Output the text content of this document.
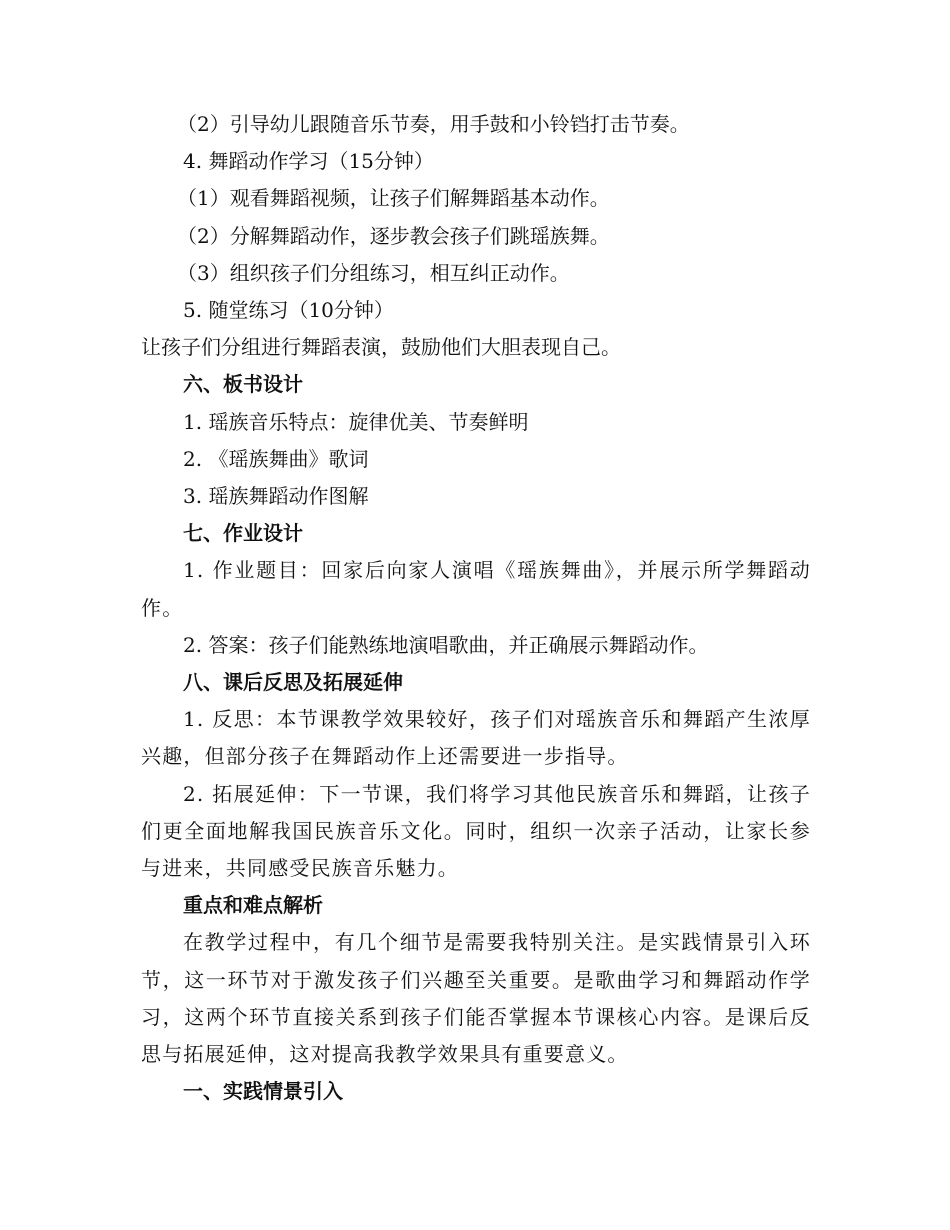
（2）引导幼儿跟随音乐节奏，用手鼓和小铃铛打击节奏。

4. 舞蹈动作学习（15分钟）

（1）观看舞蹈视频，让孩子们解舞蹈基本动作。

（2）分解舞蹈动作，逐步教会孩子们跳瑶族舞。

（3）组织孩子们分组练习，相互纠正动作。

5. 随堂练习（10分钟）

让孩子们分组进行舞蹈表演，鼓励他们大胆表现自己。

六、板书设计

1. 瑶族音乐特点：旋律优美、节奏鲜明

2. 《瑶族舞曲》歌词

3. 瑶族舞蹈动作图解

七、作业设计

1. 作业题目：回家后向家人演唱《瑶族舞曲》，并展示所学舞蹈动作。

2. 答案：孩子们能熟练地演唱歌曲，并正确展示舞蹈动作。

八、课后反思及拓展延伸

1. 反思：本节课教学效果较好，孩子们对瑶族音乐和舞蹈产生浓厚兴趣，但部分孩子在舞蹈动作上还需要进一步指导。

2. 拓展延伸：下一节课，我们将学习其他民族音乐和舞蹈，让孩子们更全面地解我国民族音乐文化。同时，组织一次亲子活动，让家长参与进来，共同感受民族音乐魅力。

重点和难点解析

在教学过程中，有几个细节是需要我特别关注。是实践情景引入环节，这一环节对于激发孩子们兴趣至关重要。是歌曲学习和舞蹈动作学习，这两个环节直接关系到孩子们能否掌握本节课核心内容。是课后反思与拓展延伸，这对提高我教学效果具有重要意义。

一、实践情景引入
